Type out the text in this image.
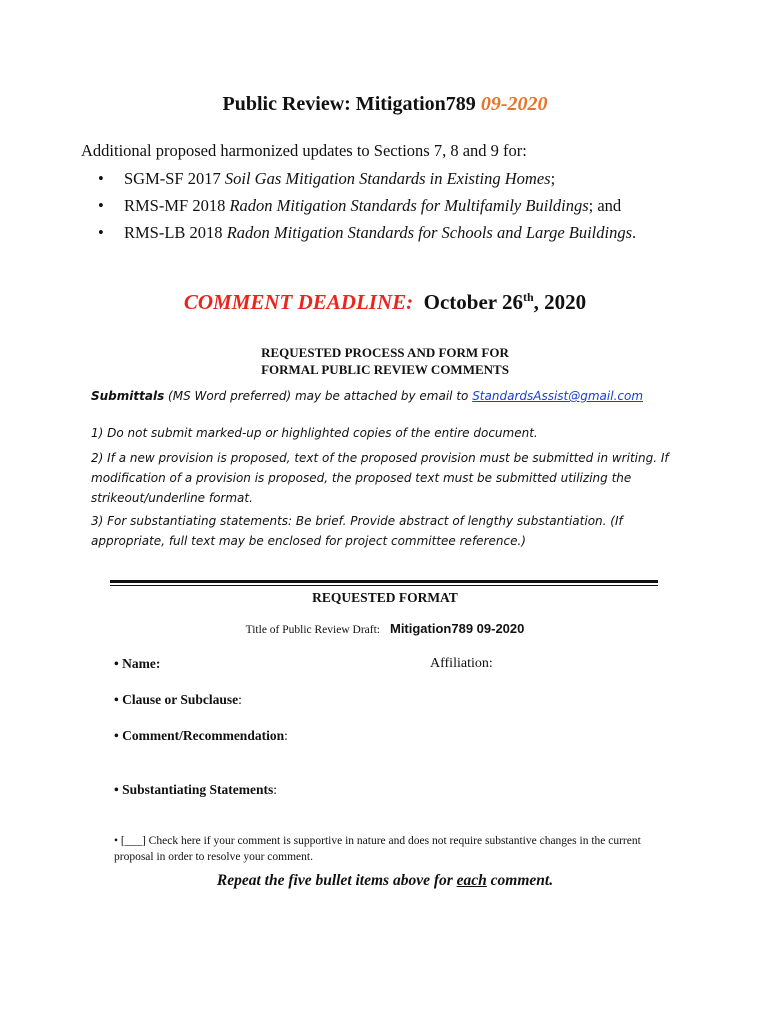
Public Review: Mitigation789 09-2020
Additional proposed harmonized updates to Sections 7, 8 and 9 for:
• SGM-SF 2017 Soil Gas Mitigation Standards in Existing Homes;
• RMS-MF 2018 Radon Mitigation Standards for Multifamily Buildings; and
• RMS-LB 2018 Radon Mitigation Standards for Schools and Large Buildings.
COMMENT DEADLINE: October 26th, 2020
REQUESTED PROCESS AND FORM FOR
FORMAL PUBLIC REVIEW COMMENTS
Submittals (MS Word preferred) may be attached by email to StandardsAssist@gmail.com
1) Do not submit marked-up or highlighted copies of the entire document.
2) If a new provision is proposed, text of the proposed provision must be submitted in writing. If modification of a provision is proposed, the proposed text must be submitted utilizing the strikeout/underline format.
3) For substantiating statements: Be brief. Provide abstract of lengthy substantiation. (If appropriate, full text may be enclosed for project committee reference.)
REQUESTED FORMAT
Title of Public Review Draft: Mitigation789 09-2020
• Name:	Affiliation:
• Clause or Subclause:
• Comment/Recommendation:
• Substantiating Statements:
• [___] Check here if your comment is supportive in nature and does not require substantive changes in the current proposal in order to resolve your comment.
Repeat the five bullet items above for each comment.
